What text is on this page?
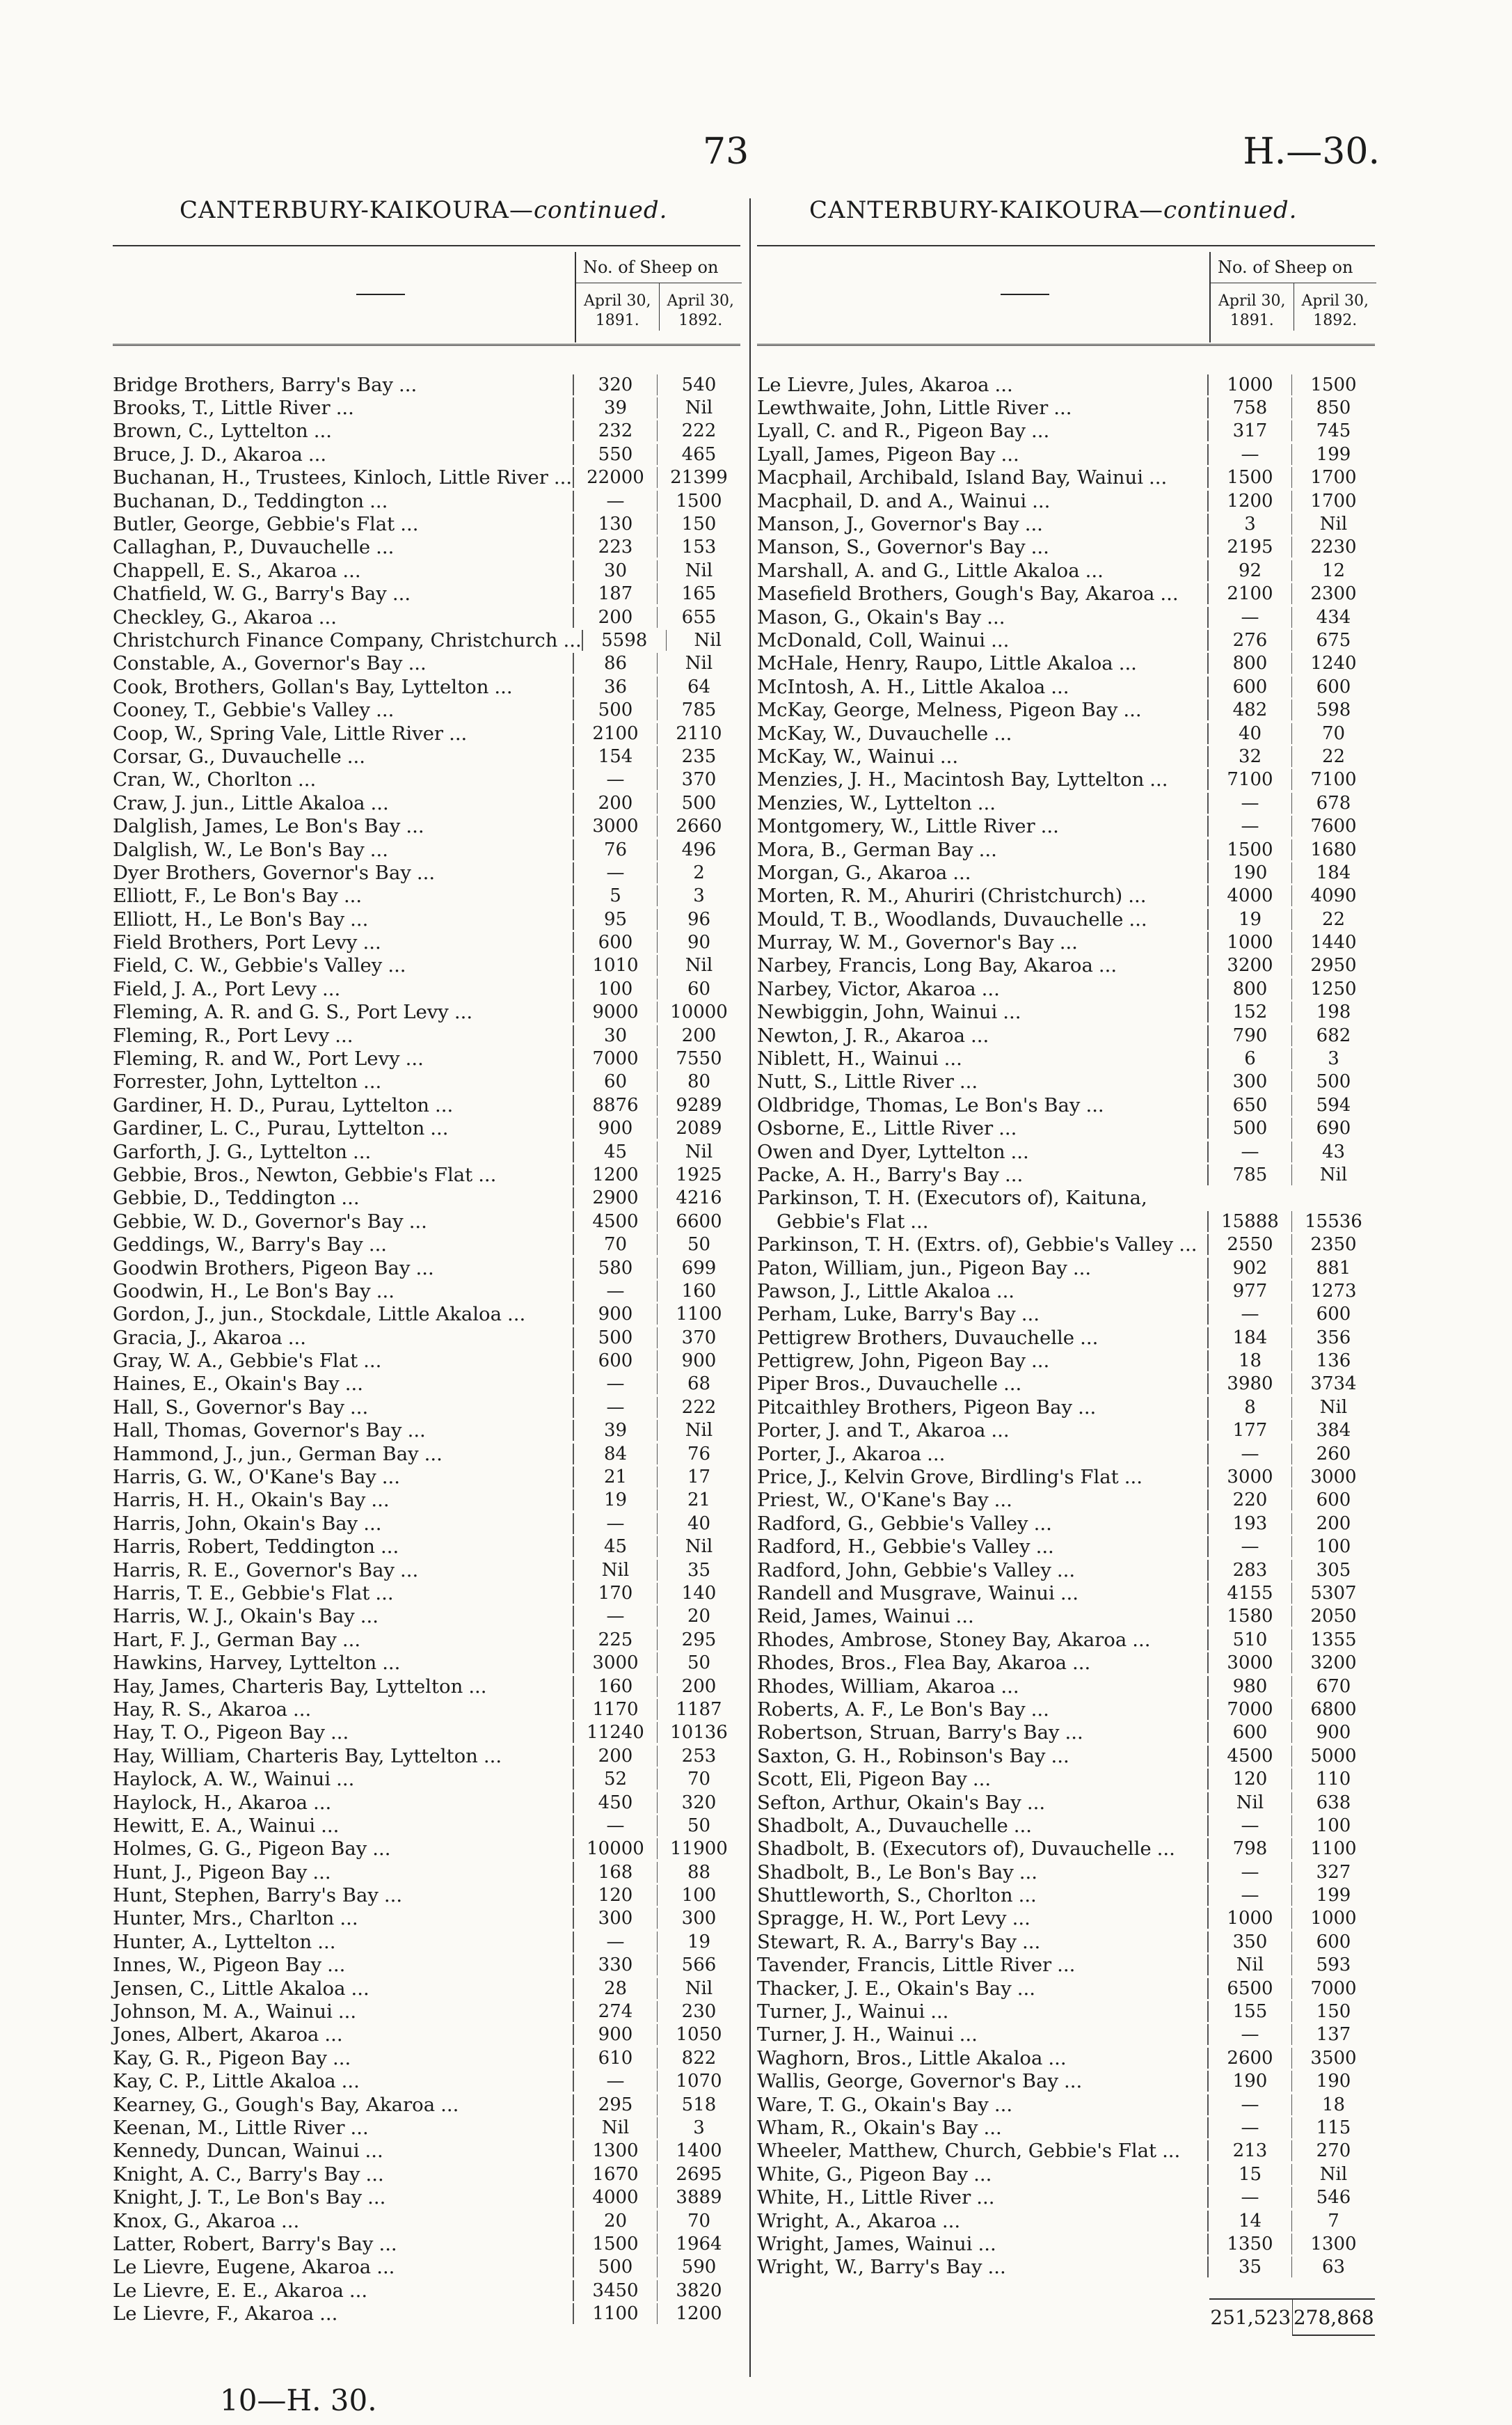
73	H.—30.
CANTERBURY-KAIKOURA—continued.	CANTERBURY-KAIKOURA—continued.
No. of Sheep on
April 30, 1891.
April 30, 1892.
No. of Sheep on
April 30, 1891.
April 30, 1892.
Bridge Brothers, Barry's Bay ...	320	540
Brooks, T., Little River ...	39	Nil
Brown, C., Lyttelton ...	232	222
Bruce, J. D., Akaroa ...	550	465
Buchanan, H., Trustees, Kinloch, Little River ... 22000	21399
Buchanan, D., Teddington ...	—	1500
Butler, George, Gebbie's Flat ...	130	150
Callaghan, P., Duvauchelle ...	223	153
Chappell, E. S., Akaroa ...	30	Nil
Chatfield, W. G., Barry's Bay ...	187	165
Checkley, G., Akaroa ...	200	655
Christchurch Finance Company, Christchurch ...	5598	Nil
Constable, A., Governor's Bay ...	86	Nil
Cook, Brothers, Gollan's Bay, Lyttelton ...	36	64
Cooney, T., Gebbie's Valley ...	500	785
Coop, W., Spring Vale, Little River ...	2100	2110
Corsar, G., Duvauchelle ...	154	235
Cran, W., Chorlton ...	—	370
Craw, J. jun., Little Akaloa ...	200	500
Dalglish, James, Le Bon's Bay ...	3000	2660
Dalglish, W., Le Bon's Bay ...	76	496
Dyer Brothers, Governor's Bay ...	—	2
Elliott, F., Le Bon's Bay ...	5	3
Elliott, H., Le Bon's Bay ...	95	96
Field Brothers, Port Levy ...	600	90
Field, C. W., Gebbie's Valley ...	1010	Nil
Field, J. A., Port Levy ...	100	60
Fleming, A. R. and G. S., Port Levy ...	9000	10000
Fleming, R., Port Levy ...	30	200
Fleming, R. and W., Port Levy ...	7000	7550
Forrester, John, Lyttelton ...	60	80
Gardiner, H. D., Purau, Lyttelton ...	8876	9289
Gardiner, L. C., Purau, Lyttelton ...	900	2089
Garforth, J. G., Lyttelton ...	45	Nil
Gebbie, Bros., Newton, Gebbie's Flat ...	1200	1925
Gebbie, D., Teddington ...	2900	4216
Gebbie, W. D., Governor's Bay ...	4500	6600
Geddings, W., Barry's Bay ...	70	50
Goodwin Brothers, Pigeon Bay ...	580	699
Goodwin, H., Le Bon's Bay ...	—	160
Gordon, J., jun., Stockdale, Little Akaloa ...	900	1100
Gracia, J., Akaroa ...	500	370
Gray, W. A., Gebbie's Flat ...	600	900
Haines, E., Okain's Bay ...	—	68
Hall, S., Governor's Bay ...	—	222
Hall, Thomas, Governor's Bay ...	39	Nil
Hammond, J., jun., German Bay ...	84	76
Harris, G. W., O'Kane's Bay ...	21	17
Harris, H. H., Okain's Bay ...	19	21
Harris, John, Okain's Bay ...	—	40
Harris, Robert, Teddington ...	45	Nil
Harris, R. E., Governor's Bay ...	Nil	35
Harris, T. E., Gebbie's Flat ...	170	140
Harris, W. J., Okain's Bay ...	—	20
Hart, F. J., German Bay ...	225	295
Hawkins, Harvey, Lyttelton ...	3000	50
Hay, James, Charteris Bay, Lyttelton ...	160	200
Hay, R. S., Akaroa ...	1170	1187
Hay, T. O., Pigeon Bay ...	11240	10136
Hay, William, Charteris Bay, Lyttelton ...	200	253
Haylock, A. W., Wainui ...	52	70
Haylock, H., Akaroa ...	450	320
Hewitt, E. A., Wainui ...	—	50
Holmes, G. G., Pigeon Bay ...	10000	11900
Hunt, J., Pigeon Bay ...	168	88
Hunt, Stephen, Barry's Bay ...	120	100
Hunter, Mrs., Charlton ...	300	300
Hunter, A., Lyttelton ...	—	19
Innes, W., Pigeon Bay ...	330	566
Jensen, C., Little Akaloa ...	28	Nil
Johnson, M. A., Wainui ...	274	230
Jones, Albert, Akaroa ...	900	1050
Kay, G. R., Pigeon Bay ...	610	822
Kay, C. P., Little Akaloa ...	—	1070
Kearney, G., Gough's Bay, Akaroa ...	295	518
Keenan, M., Little River ...	Nil	3
Kennedy, Duncan, Wainui ...	1300	1400
Knight, A. C., Barry's Bay ...	1670	2695
Knight, J. T., Le Bon's Bay ...	4000	3889
Knox, G., Akaroa ...	20	70
Latter, Robert, Barry's Bay ...	1500	1964
Le Lievre, Eugene, Akaroa ...	500	590
Le Lievre, E. E., Akaroa ...	3450	3820
Le Lievre, F., Akaroa ...	1100	1200
Le Lievre, Jules, Akaroa ...	1000	1500
Lewthwaite, John, Little River ...	758	850
Lyall, C. and R., Pigeon Bay ...	317	745
Lyall, James, Pigeon Bay ...	—	199
Macphail, Archibald, Island Bay, Wainui ...	1500	1700
Macphail, D. and A., Wainui ...	1200	1700
Manson, J., Governor's Bay ...	3	Nil
Manson, S., Governor's Bay ...	2195	2230
Marshall, A. and G., Little Akaloa ...	92	12
Masefield Brothers, Gough's Bay, Akaroa ...	2100	2300
Mason, G., Okain's Bay ...	—	434
McDonald, Coll, Wainui ...	276	675
McHale, Henry, Raupo, Little Akaloa ...	800	1240
McIntosh, A. H., Little Akaloa ...	600	600
McKay, George, Melness, Pigeon Bay ...	482	598
McKay, W., Duvauchelle ...	40	70
McKay, W., Wainui ...	32	22
Menzies, J. H., Macintosh Bay, Lyttelton ...	7100	7100
Menzies, W., Lyttelton ...	—	678
Montgomery, W., Little River ...	—	7600
Mora, B., German Bay ...	1500	1680
Morgan, G., Akaroa ...	190	184
Morten, R. M., Ahuriri (Christchurch) ...	4000	4090
Mould, T. B., Woodlands, Duvauchelle ...	19	22
Murray, W. M., Governor's Bay ...	1000	1440
Narbey, Francis, Long Bay, Akaroa ...	3200	2950
Narbey, Victor, Akaroa ...	800	1250
Newbiggin, John, Wainui ...	152	198
Newton, J. R., Akaroa ...	790	682
Niblett, H., Wainui ...	6	3
Nutt, S., Little River ...	300	500
Oldbridge, Thomas, Le Bon's Bay ...	650	594
Osborne, E., Little River ...	500	690
Owen and Dyer, Lyttelton ...	—	43
Packe, A. H., Barry's Bay ...	785	Nil
Parkinson, T. H. (Executors of), Kaituna,
Gebbie's Flat ...	15888	15536
Parkinson, T. H. (Extrs. of), Gebbie's Valley ...	2550	2350
Paton, William, jun., Pigeon Bay ...	902	881
Pawson, J., Little Akaloa ...	977	1273
Perham, Luke, Barry's Bay ...	—	600
Pettigrew Brothers, Duvauchelle ...	184	356
Pettigrew, John, Pigeon Bay ...	18	136
Piper Bros., Duvauchelle ...	3980	3734
Pitcaithley Brothers, Pigeon Bay ...	8	Nil
Porter, J. and T., Akaroa ...	177	384
Porter, J., Akaroa ...	—	260
Price, J., Kelvin Grove, Birdling's Flat ...	3000	3000
Priest, W., O'Kane's Bay ...	220	600
Radford, G., Gebbie's Valley ...	193	200
Radford, H., Gebbie's Valley ...	—	100
Radford, John, Gebbie's Valley ...	283	305
Randell and Musgrave, Wainui ...	4155	5307
Reid, James, Wainui ...	1580	2050
Rhodes, Ambrose, Stoney Bay, Akaroa ...	510	1355
Rhodes, Bros., Flea Bay, Akaroa ...	3000	3200
Rhodes, William, Akaroa ...	980	670
Roberts, A. F., Le Bon's Bay ...	7000	6800
Robertson, Struan, Barry's Bay ...	600	900
Saxton, G. H., Robinson's Bay ...	4500	5000
Scott, Eli, Pigeon Bay ...	120	110
Sefton, Arthur, Okain's Bay ...	Nil	638
Shadbolt, A., Duvauchelle ...	—	100
Shadbolt, B. (Executors of), Duvauchelle ...	798	1100
Shadbolt, B., Le Bon's Bay ...	—	327
Shuttleworth, S., Chorlton ...	—	199
Spragge, H. W., Port Levy ...	1000	1000
Stewart, R. A., Barry's Bay ...	350	600
Tavender, Francis, Little River ...	Nil	593
Thacker, J. E., Okain's Bay ...	6500	7000
Turner, J., Wainui ...	155	150
Turner, J. H., Wainui ...	—	137
Waghorn, Bros., Little Akaloa ...	2600	3500
Wallis, George, Governor's Bay ...	190	190
Ware, T. G., Okain's Bay ...	—	18
Wham, R., Okain's Bay ...	—	115
Wheeler, Matthew, Church, Gebbie's Flat ...	213	270
White, G., Pigeon Bay ...	15	Nil
White, H., Little River ...	—	546
Wright, A., Akaroa ...	14	7
Wright, James, Wainui ...	1350	1300
Wright, W., Barry's Bay ...	35	63
251,523 278,868
10—H. 30.
